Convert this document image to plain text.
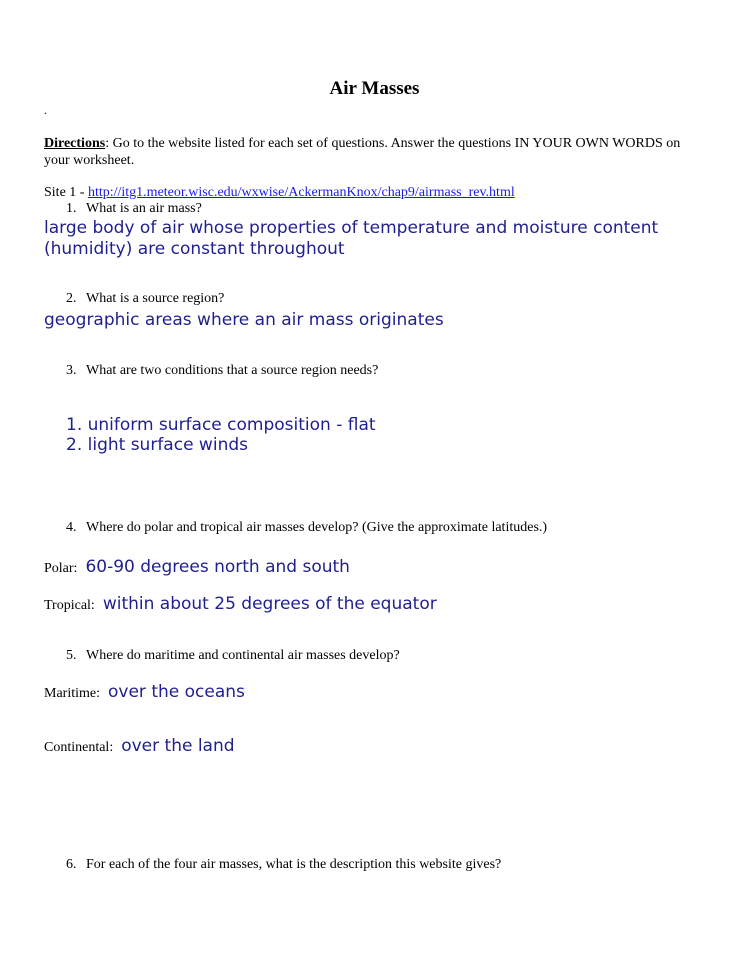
Air Masses
.
Directions: Go to the website listed for each set of questions. Answer the questions IN YOUR OWN WORDS on your worksheet.
Site 1 - http://itg1.meteor.wisc.edu/wxwise/AckermanKnox/chap9/airmass_rev.html
1. What is an air mass?
large body of air whose properties of temperature and moisture content
(humidity) are constant throughout
2. What is a source region?
geographic areas where an air mass originates
3. What are two conditions that a source region needs?
1. uniform surface composition - flat
2. light surface winds
4. Where do polar and tropical air masses develop? (Give the approximate latitudes.)
Polar: 60-90 degrees north and south
Tropical: within about 25 degrees of the equator
5. Where do maritime and continental air masses develop?
Maritime: over the oceans
Continental: over the land
6. For each of the four air masses, what is the description this website gives?
